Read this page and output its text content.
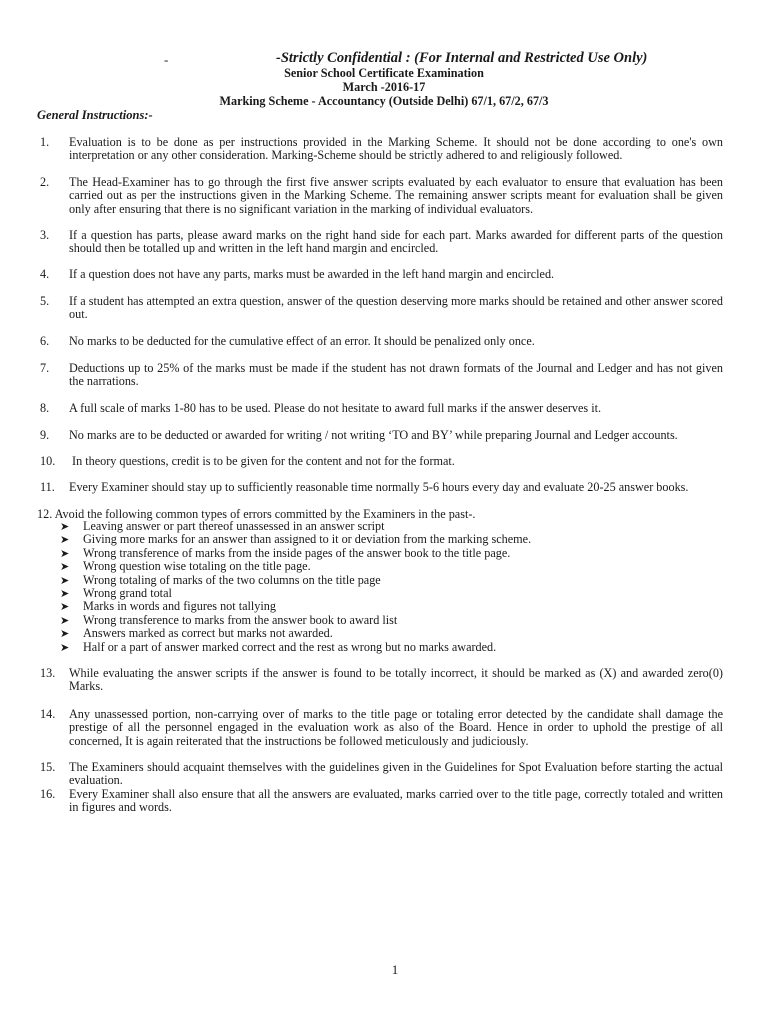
-	-Strictly Confidential : (For Internal and Restricted Use Only)
Senior School Certificate Examination
March -2016-17
Marking Scheme - Accountancy (Outside Delhi) 67/1, 67/2, 67/3
General Instructions:-
1. Evaluation is to be done as per instructions provided in the Marking Scheme. It should not be done according to one's own interpretation or any other consideration. Marking-Scheme should be strictly adhered to and religiously followed.
2. The Head-Examiner has to go through the first five answer scripts evaluated by each evaluator to ensure that evaluation has been carried out as per the instructions given in the Marking Scheme. The remaining answer scripts meant for evaluation shall be given only after ensuring that there is no significant variation in the marking of individual evaluators.
3. If a question has parts, please award marks on the right hand side for each part. Marks awarded for different parts of the question should then be totalled up and written in the left hand margin and encircled.
4. If a question does not have any parts, marks must be awarded in the left hand margin and encircled.
5. If a student has attempted an extra question, answer of the question deserving more marks should be retained and other answer scored out.
6. No marks to be deducted for the cumulative effect of an error. It should be penalized only once.
7. Deductions up to 25% of the marks must be made if the student has not drawn formats of the Journal and Ledger and has not given the narrations.
8. A full scale of marks 1-80 has to be used. Please do not hesitate to award full marks if the answer deserves it.
9. No marks are to be deducted or awarded for writing / not writing ‘TO and BY’ while preparing Journal and Ledger accounts.
10. In theory questions, credit is to be given for the content and not for the format.
11. Every Examiner should stay up to sufficiently reasonable time normally 5-6 hours every day and evaluate 20-25 answer books.
12. Avoid the following common types of errors committed by the Examiners in the past-.
➤	Leaving answer or part thereof unassessed in an answer script
➤	Giving more marks for an answer than assigned to it or deviation from the marking scheme.
➤	Wrong transference of marks from the inside pages of the answer book to the title page.
➤	Wrong question wise totaling on the title page.
➤	Wrong totaling of marks of the two columns on the title page
➤	Wrong grand total
➤	Marks in words and figures not tallying
➤	Wrong transference to marks from the answer book to award list
➤	Answers marked as correct but marks not awarded.
➤	Half or a part of answer marked correct and the rest as wrong but no marks awarded.
13. While evaluating the answer scripts if the answer is found to be totally incorrect, it should be marked as (X) and awarded zero(0) Marks.
14. Any unassessed portion, non-carrying over of marks to the title page or totaling error detected by the candidate shall damage the prestige of all the personnel engaged in the evaluation work as also of the Board. Hence in order to uphold the prestige of all concerned, It is again reiterated that the instructions be followed meticulously and judiciously.
15. The Examiners should acquaint themselves with the guidelines given in the Guidelines for Spot Evaluation before starting the actual evaluation.
16. Every Examiner shall also ensure that all the answers are evaluated, marks carried over to the title page, correctly totaled and written in figures and words.
1
